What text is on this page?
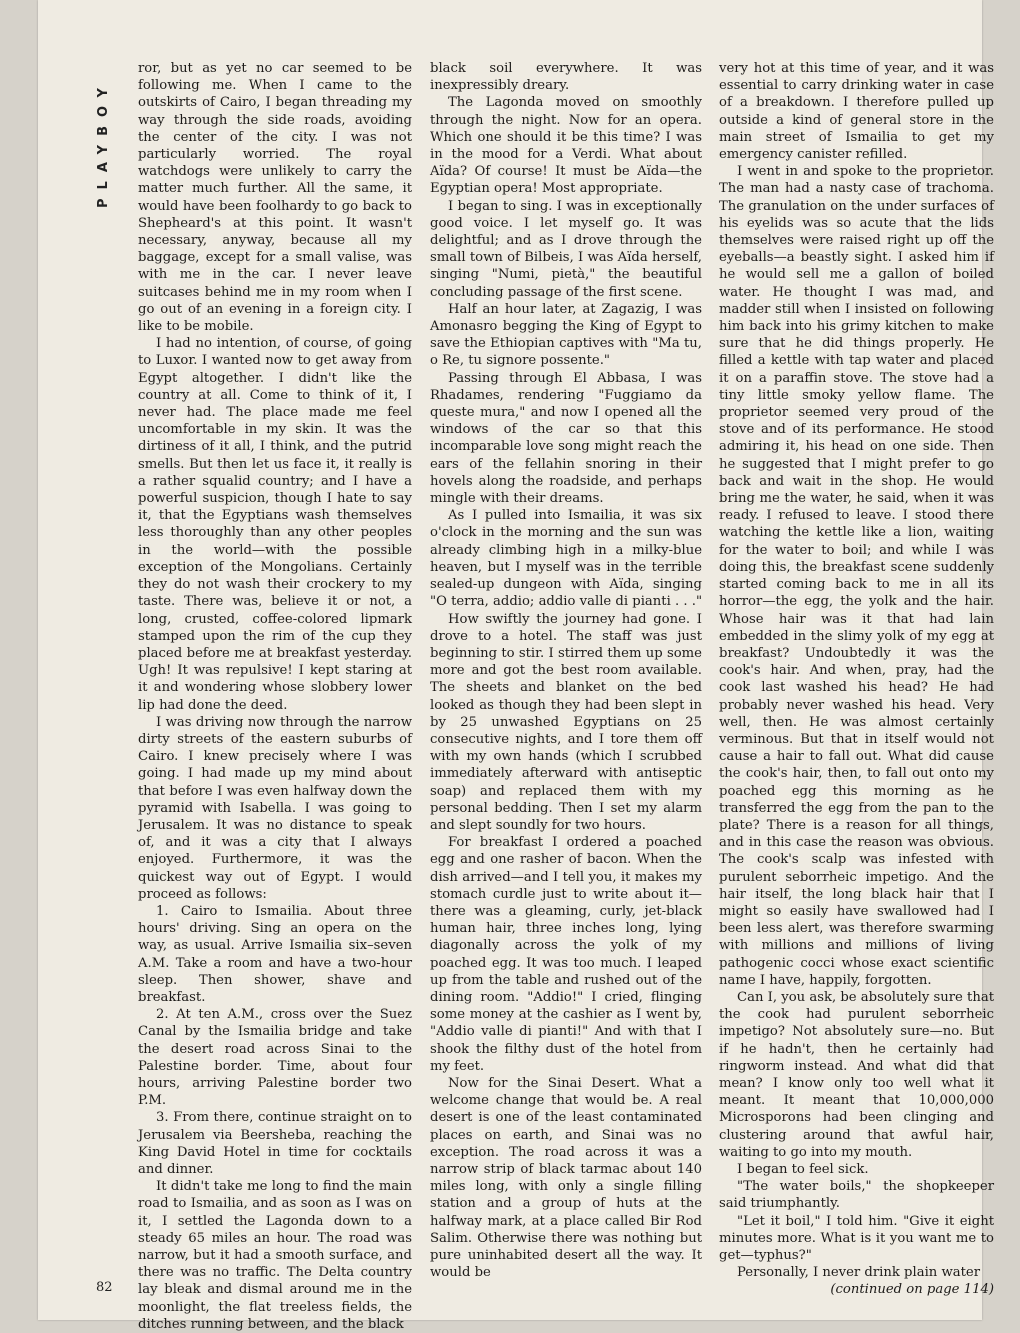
PLAYBOY

ror, but as yet no car seemed to be following me. When I came to the outskirts of Cairo, I began threading my way through the side roads, avoiding the center of the city. I was not particularly worried. The royal watchdogs were unlikely to carry the matter much further. All the same, it would have been foolhardy to go back to Shepheard's at this point. It wasn't necessary, anyway, because all my baggage, except for a small valise, was with me in the car. I never leave suitcases behind me in my room when I go out of an evening in a foreign city. I like to be mobile.

I had no intention, of course, of going to Luxor. I wanted now to get away from Egypt altogether. I didn't like the country at all. Come to think of it, I never had. The place made me feel uncomfortable in my skin. It was the dirtiness of it all, I think, and the putrid smells. But then let us face it, it really is a rather squalid country; and I have a powerful suspicion, though I hate to say it, that the Egyptians wash themselves less thoroughly than any other peoples in the world—with the possible exception of the Mongolians. Certainly they do not wash their crockery to my taste. There was, believe it or not, a long, crusted, coffee-colored lipmark stamped upon the rim of the cup they placed before me at breakfast yesterday. Ugh! It was repulsive! I kept staring at it and wondering whose slobbery lower lip had done the deed.

I was driving now through the narrow dirty streets of the eastern suburbs of Cairo. I knew precisely where I was going. I had made up my mind about that before I was even halfway down the pyramid with Isabella. I was going to Jerusalem. It was no distance to speak of, and it was a city that I always enjoyed. Furthermore, it was the quickest way out of Egypt. I would proceed as follows:

1. Cairo to Ismailia. About three hours' driving. Sing an opera on the way, as usual. Arrive Ismailia six–seven A.M. Take a room and have a two-hour sleep. Then shower, shave and breakfast.

2. At ten A.M., cross over the Suez Canal by the Ismailia bridge and take the desert road across Sinai to the Palestine border. Time, about four hours, arriving Palestine border two P.M.

3. From there, continue straight on to Jerusalem via Beersheba, reaching the King David Hotel in time for cocktails and dinner.

It didn't take me long to find the main road to Ismailia, and as soon as I was on it, I settled the Lagonda down to a steady 65 miles an hour. The road was narrow, but it had a smooth surface, and there was no traffic. The Delta country lay bleak and dismal around me in the moonlight, the flat treeless fields, the ditches running between, and the black

black soil everywhere. It was inexpressibly dreary.

The Lagonda moved on smoothly through the night. Now for an opera. Which one should it be this time? I was in the mood for a Verdi. What about Aïda? Of course! It must be Aïda—the Egyptian opera! Most appropriate.

I began to sing. I was in exceptionally good voice. I let myself go. It was delightful; and as I drove through the small town of Bilbeis, I was Aïda herself, singing "Numi, pietà," the beautiful concluding passage of the first scene.

Half an hour later, at Zagazig, I was Amonasro begging the King of Egypt to save the Ethiopian captives with "Ma tu, o Re, tu signore possente."

Passing through El Abbasa, I was Rhadames, rendering "Fuggiamo da queste mura," and now I opened all the windows of the car so that this incomparable love song might reach the ears of the fellahin snoring in their hovels along the roadside, and perhaps mingle with their dreams.

As I pulled into Ismailia, it was six o'clock in the morning and the sun was already climbing high in a milky-blue heaven, but I myself was in the terrible sealed-up dungeon with Aïda, singing "O terra, addio; addio valle di pianti . . ."

How swiftly the journey had gone. I drove to a hotel. The staff was just beginning to stir. I stirred them up some more and got the best room available. The sheets and blanket on the bed looked as though they had been slept in by 25 unwashed Egyptians on 25 consecutive nights, and I tore them off with my own hands (which I scrubbed immediately afterward with antiseptic soap) and replaced them with my personal bedding. Then I set my alarm and slept soundly for two hours.

For breakfast I ordered a poached egg and one rasher of bacon. When the dish arrived—and I tell you, it makes my stomach curdle just to write about it—there was a gleaming, curly, jet-black human hair, three inches long, lying diagonally across the yolk of my poached egg. It was too much. I leaped up from the table and rushed out of the dining room. "Addio!" I cried, flinging some money at the cashier as I went by, "Addio valle di pianti!" And with that I shook the filthy dust of the hotel from my feet.

Now for the Sinai Desert. What a welcome change that would be. A real desert is one of the least contaminated places on earth, and Sinai was no exception. The road across it was a narrow strip of black tarmac about 140 miles long, with only a single filling station and a group of huts at the halfway mark, at a place called Bir Rod Salim. Otherwise there was nothing but pure uninhabited desert all the way. It would be

very hot at this time of year, and it was essential to carry drinking water in case of a breakdown. I therefore pulled up outside a kind of general store in the main street of Ismailia to get my emergency canister refilled.

I went in and spoke to the proprietor. The man had a nasty case of trachoma. The granulation on the under surfaces of his eyelids was so acute that the lids themselves were raised right up off the eyeballs—a beastly sight. I asked him if he would sell me a gallon of boiled water. He thought I was mad, and madder still when I insisted on following him back into his grimy kitchen to make sure that he did things properly. He filled a kettle with tap water and placed it on a paraffin stove. The stove had a tiny little smoky yellow flame. The proprietor seemed very proud of the stove and of its performance. He stood admiring it, his head on one side. Then he suggested that I might prefer to go back and wait in the shop. He would bring me the water, he said, when it was ready. I refused to leave. I stood there watching the kettle like a lion, waiting for the water to boil; and while I was doing this, the breakfast scene suddenly started coming back to me in all its horror—the egg, the yolk and the hair. Whose hair was it that had lain embedded in the slimy yolk of my egg at breakfast? Undoubtedly it was the cook's hair. And when, pray, had the cook last washed his head? He had probably never washed his head. Very well, then. He was almost certainly verminous. But that in itself would not cause a hair to fall out. What did cause the cook's hair, then, to fall out onto my poached egg this morning as he transferred the egg from the pan to the plate? There is a reason for all things, and in this case the reason was obvious. The cook's scalp was infested with purulent seborrheic impetigo. And the hair itself, the long black hair that I might so easily have swallowed had I been less alert, was therefore swarming with millions and millions of living pathogenic cocci whose exact scientific name I have, happily, forgotten.

Can I, you ask, be absolutely sure that the cook had purulent seborrheic impetigo? Not absolutely sure—no. But if he hadn't, then he certainly had ringworm instead. And what did that mean? I know only too well what it meant. It meant that 10,000,000 Microsporons had been clinging and clustering around that awful hair, waiting to go into my mouth.

I began to feel sick.

"The water boils," the shopkeeper said triumphantly.

"Let it boil," I told him. "Give it eight minutes more. What is it you want me to get—typhus?"

Personally, I never drink plain water

(continued on page 114)

82
